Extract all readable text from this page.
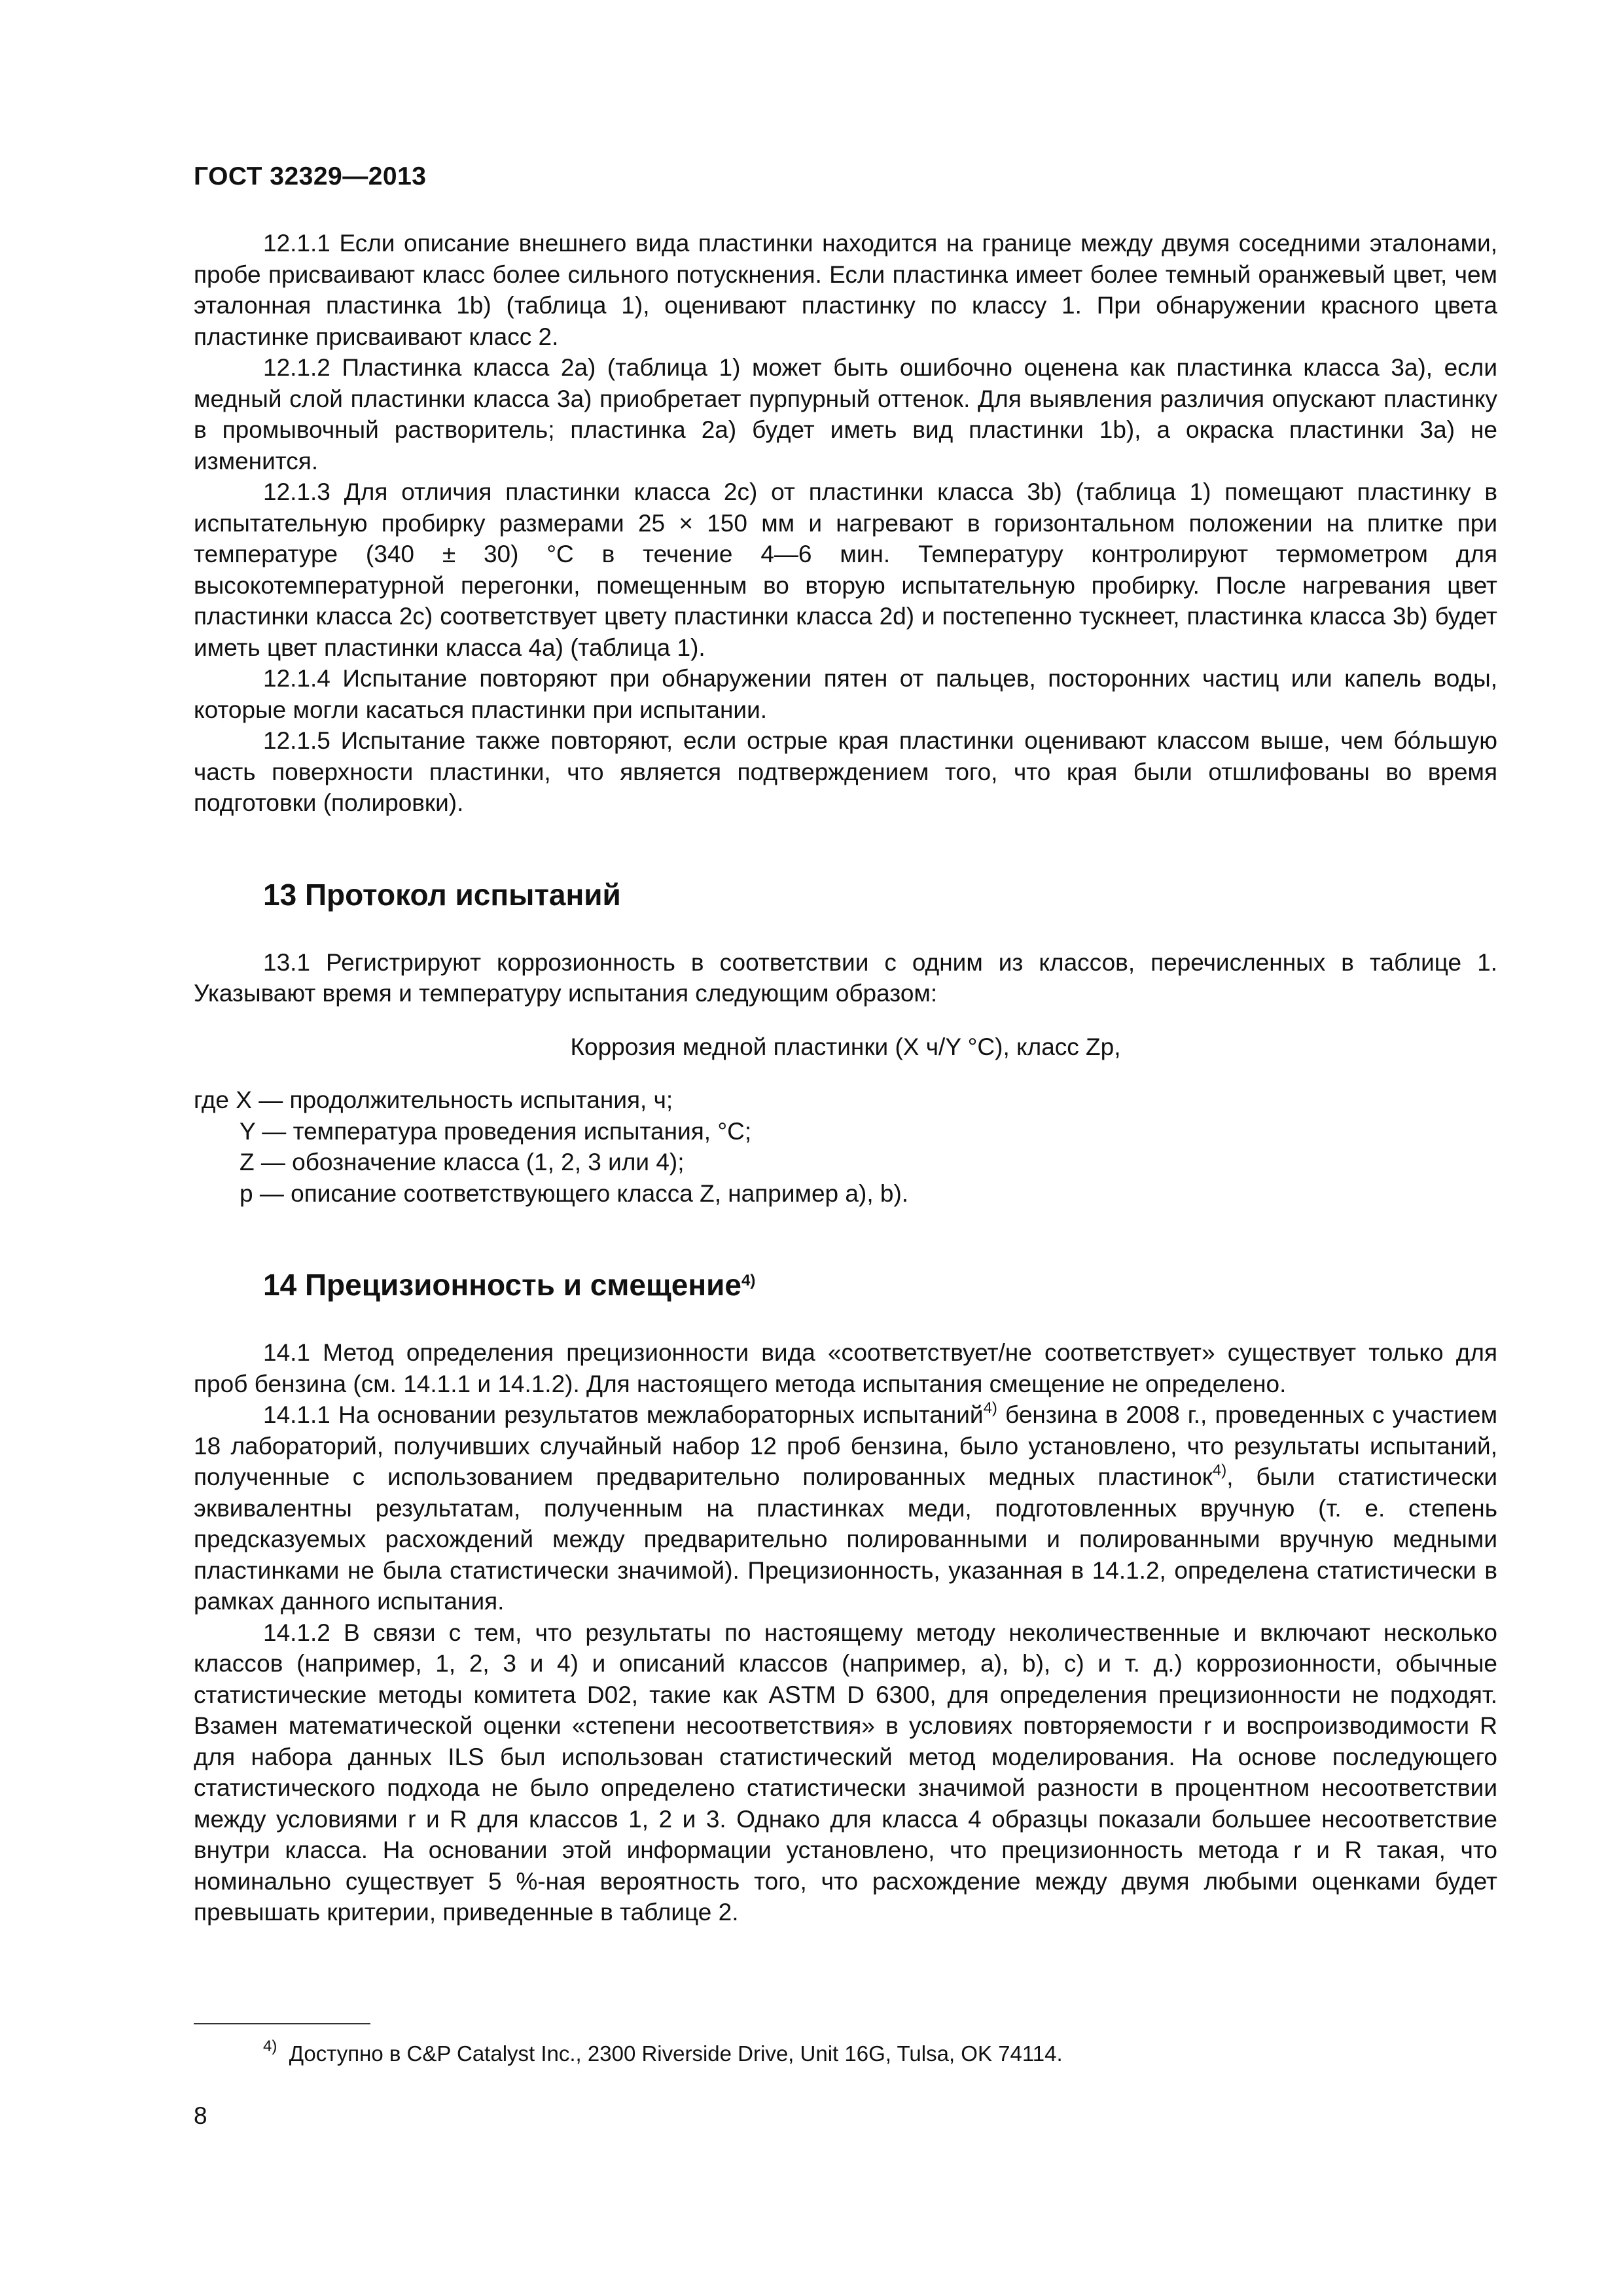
ГОСТ 32329—2013

12.1.1 Если описание внешнего вида пластинки находится на границе между двумя соседними эталонами, пробе присваивают класс более сильного потускнения. Если пластинка имеет более темный оранжевый цвет, чем эталонная пластинка 1b) (таблица 1), оценивают пластинку по классу 1. При обнаружении красного цвета пластинке присваивают класс 2.

12.1.2 Пластинка класса 2а) (таблица 1) может быть ошибочно оценена как пластинка класса 3а), если медный слой пластинки класса 3а) приобретает пурпурный оттенок. Для выявления различия опускают пластинку в промывочный растворитель; пластинка 2а) будет иметь вид пластинки 1b), а окраска пластинки 3а) не изменится.

12.1.3 Для отличия пластинки класса 2с) от пластинки класса 3b) (таблица 1) помещают пластинку в испытательную пробирку размерами 25 × 150 мм и нагревают в горизонтальном положении на плитке при температуре (340 ± 30) °С в течение 4—6 мин. Температуру контролируют термометром для высокотемпературной перегонки, помещенным во вторую испытательную пробирку. После нагревания цвет пластинки класса 2с) соответствует цвету пластинки класса 2d) и постепенно тускнеет, пластинка класса 3b) будет иметь цвет пластинки класса 4а) (таблица 1).

12.1.4 Испытание повторяют при обнаружении пятен от пальцев, посторонних частиц или капель воды, которые могли касаться пластинки при испытании.

12.1.5 Испытание также повторяют, если острые края пластинки оценивают классом выше, чем бóльшую часть поверхности пластинки, что является подтверждением того, что края были отшлифованы во время подготовки (полировки).

13 Протокол испытаний

13.1 Регистрируют коррозионность в соответствии с одним из классов, перечисленных в таблице 1. Указывают время и температуру испытания следующим образом:

Коррозия медной пластинки (X ч/Y °С), класс Zp,

где X — продолжительность испытания, ч;

Y — температура проведения испытания, °С;

Z — обозначение класса (1, 2, 3 или 4);

p — описание соответствующего класса Z, например a), b).

14 Прецизионность и смещение$^{4)}$

14.1 Метод определения прецизионности вида «соответствует/не соответствует» существует только для проб бензина (см. 14.1.1 и 14.1.2). Для настоящего метода испытания смещение не определено.

14.1.1 На основании результатов межлабораторных испытаний$^{4)}$ бензина в 2008 г., проведенных с участием 18 лабораторий, получивших случайный набор 12 проб бензина, было установлено, что результаты испытаний, полученные с использованием предварительно полированных медных пластинок$^{4)}$, были статистически эквивалентны результатам, полученным на пластинках меди, подготовленных вручную (т. е. степень предсказуемых расхождений между предварительно полированными и полированными вручную медными пластинками не была статистически значимой). Прецизионность, указанная в 14.1.2, определена статистически в рамках данного испытания.

14.1.2 В связи с тем, что результаты по настоящему методу неколичественные и включают несколько классов (например, 1, 2, 3 и 4) и описаний классов (например, а), b), с) и т. д.) коррозионности, обычные статистические методы комитета D02, такие как ASTM D 6300, для определения прецизионности не подходят. Взамен математической оценки «степени несоответствия» в условиях повторяемости r и воспроизводимости R для набора данных ILS был использован статистический метод моделирования. На основе последующего статистического подхода не было определено статистически значимой разности в процентном несоответствии между условиями r и R для классов 1, 2 и 3. Однако для класса 4 образцы показали большее несоответствие внутри класса. На основании этой информации установлено, что прецизионность метода r и R такая, что номинально существует 5 %-ная вероятность того, что расхождение между двумя любыми оценками будет превышать критерии, приведенные в таблице 2.

$^{4)}$ Доступно в C&P Catalyst Inc., 2300 Riverside Drive, Unit 16G, Tulsa, OK 74114.
8
